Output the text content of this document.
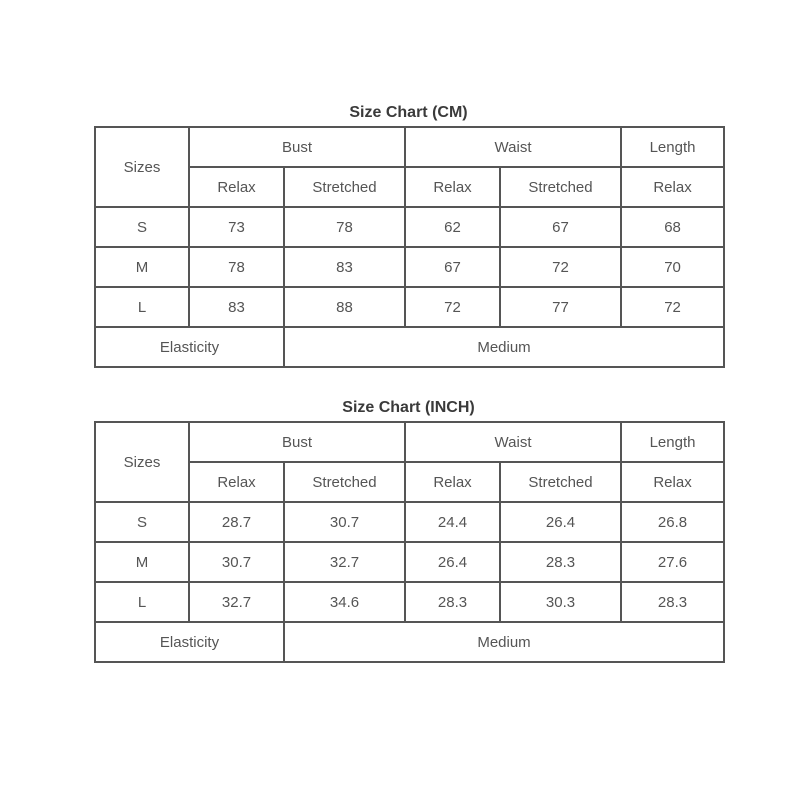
Size Chart (CM)
Sizes	Bust		Waist		Length
	Relax	Stretched	Relax	Stretched	Relax
S	73	78	62	67	68
M	78	83	67	72	70
L	83	88	72	77	72
Elasticity		Medium			
Size Chart (INCH)
Sizes	Bust		Waist		Length
	Relax	Stretched	Relax	Stretched	Relax
S	28.7	30.7	24.4	26.4	26.8
M	30.7	32.7	26.4	28.3	27.6
L	32.7	34.6	28.3	30.3	28.3
Elasticity		Medium			
